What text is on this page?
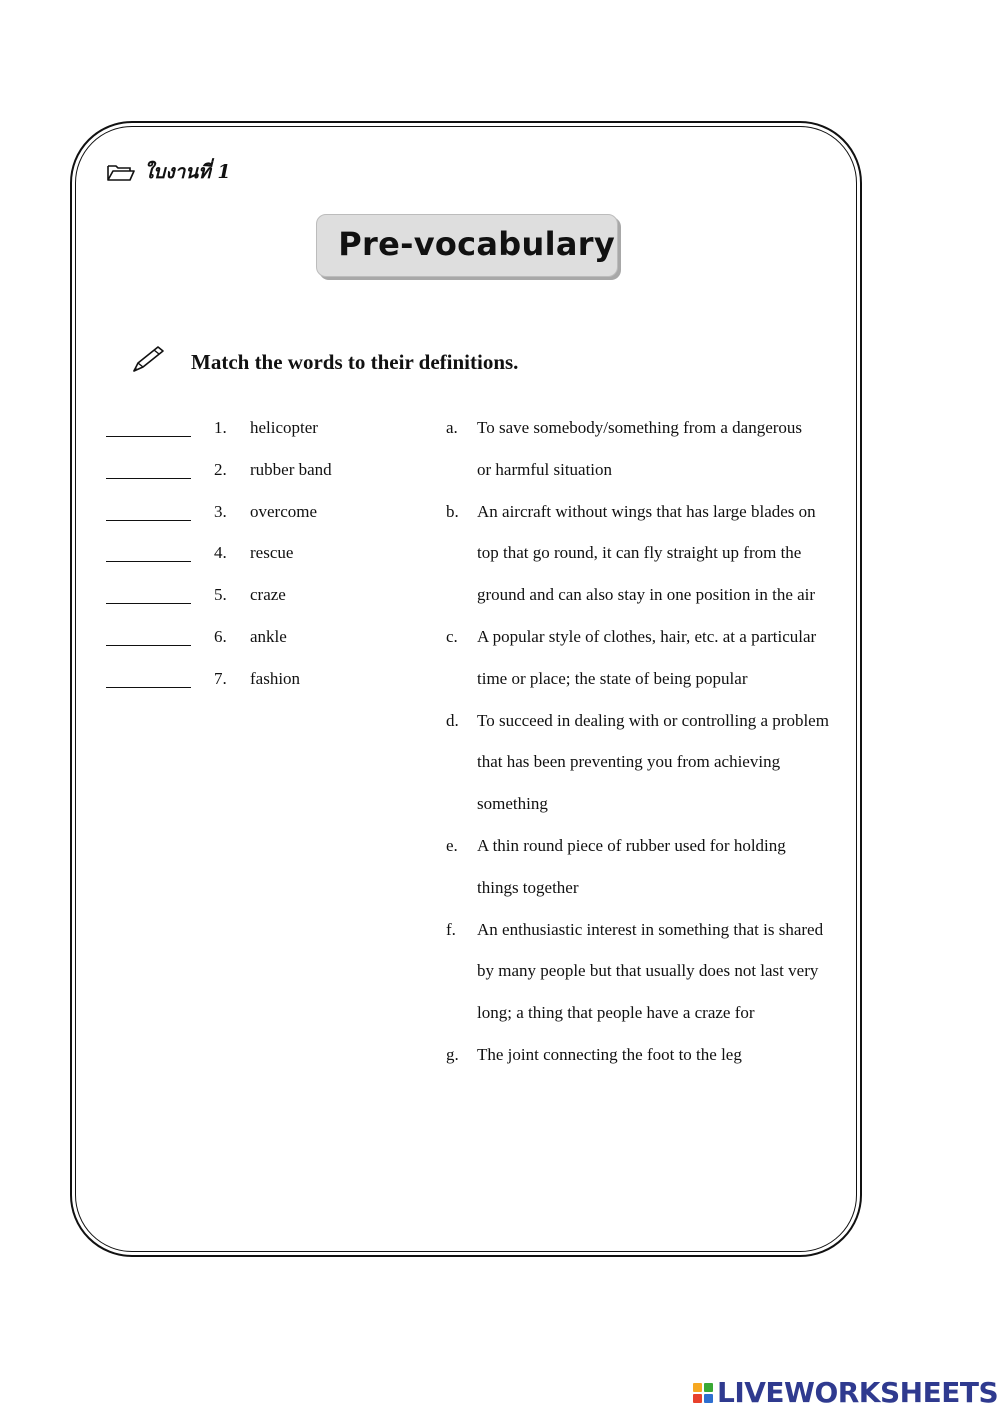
ใบงานที่ 1
Pre-vocabulary
Match the words to their definitions.
1. helicopter
2. rubber band
3. overcome
4. rescue
5. craze
6. ankle
7. fashion
a. To save somebody/something from a dangerous
or harmful situation
b. An aircraft without wings that has large blades on
top that go round, it can fly straight up from the
ground and can also stay in one position in the air
c. A popular style of clothes, hair, etc. at a particular
time or place; the state of being popular
d. To succeed in dealing with or controlling a problem
that has been preventing you from achieving
something
e. A thin round piece of rubber used for holding
things together
f. An enthusiastic interest in something that is shared
by many people but that usually does not last very
long; a thing that people have a craze for
g. The joint connecting the foot to the leg
LIVEWORKSHEETS
